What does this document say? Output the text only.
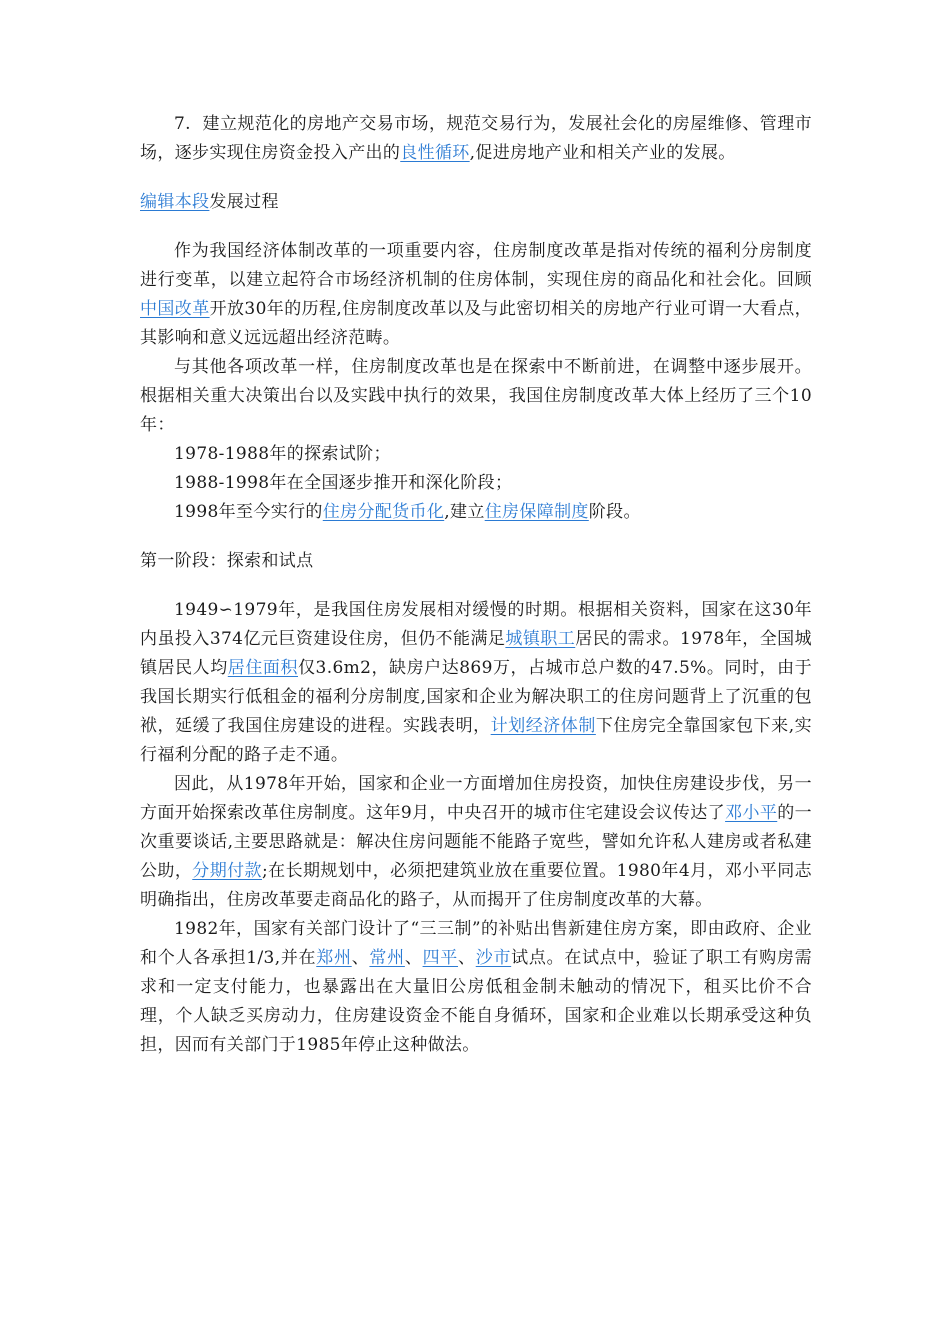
7.  建立规范化的房地产交易市场，规范交易行为，发展社会化的房屋维修、管理市场，逐步实现住房资金投入产出的良性循环,促进房地产业和相关产业的发展。

编辑本段发展过程

作为我国经济体制改革的一项重要内容，住房制度改革是指对传统的福利分房制度进行变革，以建立起符合市场经济机制的住房体制，实现住房的商品化和社会化。回顾中国改革开放30年的历程,住房制度改革以及与此密切相关的房地产行业可谓一大看点，其影响和意义远远超出经济范畴。

与其他各项改革一样，住房制度改革也是在探索中不断前进，在调整中逐步展开。根据相关重大决策出台以及实践中执行的效果，我国住房制度改革大体上经历了三个10年：

1978-1988年的探索试阶；

1988-1998年在全国逐步推开和深化阶段；

1998年至今实行的住房分配货币化,建立住房保障制度阶段。

第一阶段：探索和试点

1949∽1979年，是我国住房发展相对缓慢的时期。根据相关资料，国家在这30年内虽投入374亿元巨资建设住房，但仍不能满足城镇职工居民的需求。1978年，全国城镇居民人均居住面积仅3.6m2，缺房户达869万，占城市总户数的47.5%。同时，由于我国长期实行低租金的福利分房制度,国家和企业为解决职工的住房问题背上了沉重的包袱，延缓了我国住房建设的进程。实践表明，计划经济体制下住房完全靠国家包下来,实行福利分配的路子走不通。

因此，从1978年开始，国家和企业一方面增加住房投资，加快住房建设步伐，另一方面开始探索改革住房制度。这年9月，中央召开的城市住宅建设会议传达了邓小平的一次重要谈话,主要思路就是：解决住房问题能不能路子宽些，譬如允许私人建房或者私建公助，分期付款;在长期规划中，必须把建筑业放在重要位置。1980年4月，邓小平同志明确指出，住房改革要走商品化的路子，从而揭开了住房制度改革的大幕。

1982年，国家有关部门设计了“三三制”的补贴出售新建住房方案，即由政府、企业和个人各承担1/3,并在郑州、常州、四平、沙市试点。在试点中，验证了职工有购房需求和一定支付能力，也暴露出在大量旧公房低租金制未触动的情况下，租买比价不合理，个人缺乏买房动力，住房建设资金不能自身循环，国家和企业难以长期承受这种负担，因而有关部门于1985年停止这种做法。
